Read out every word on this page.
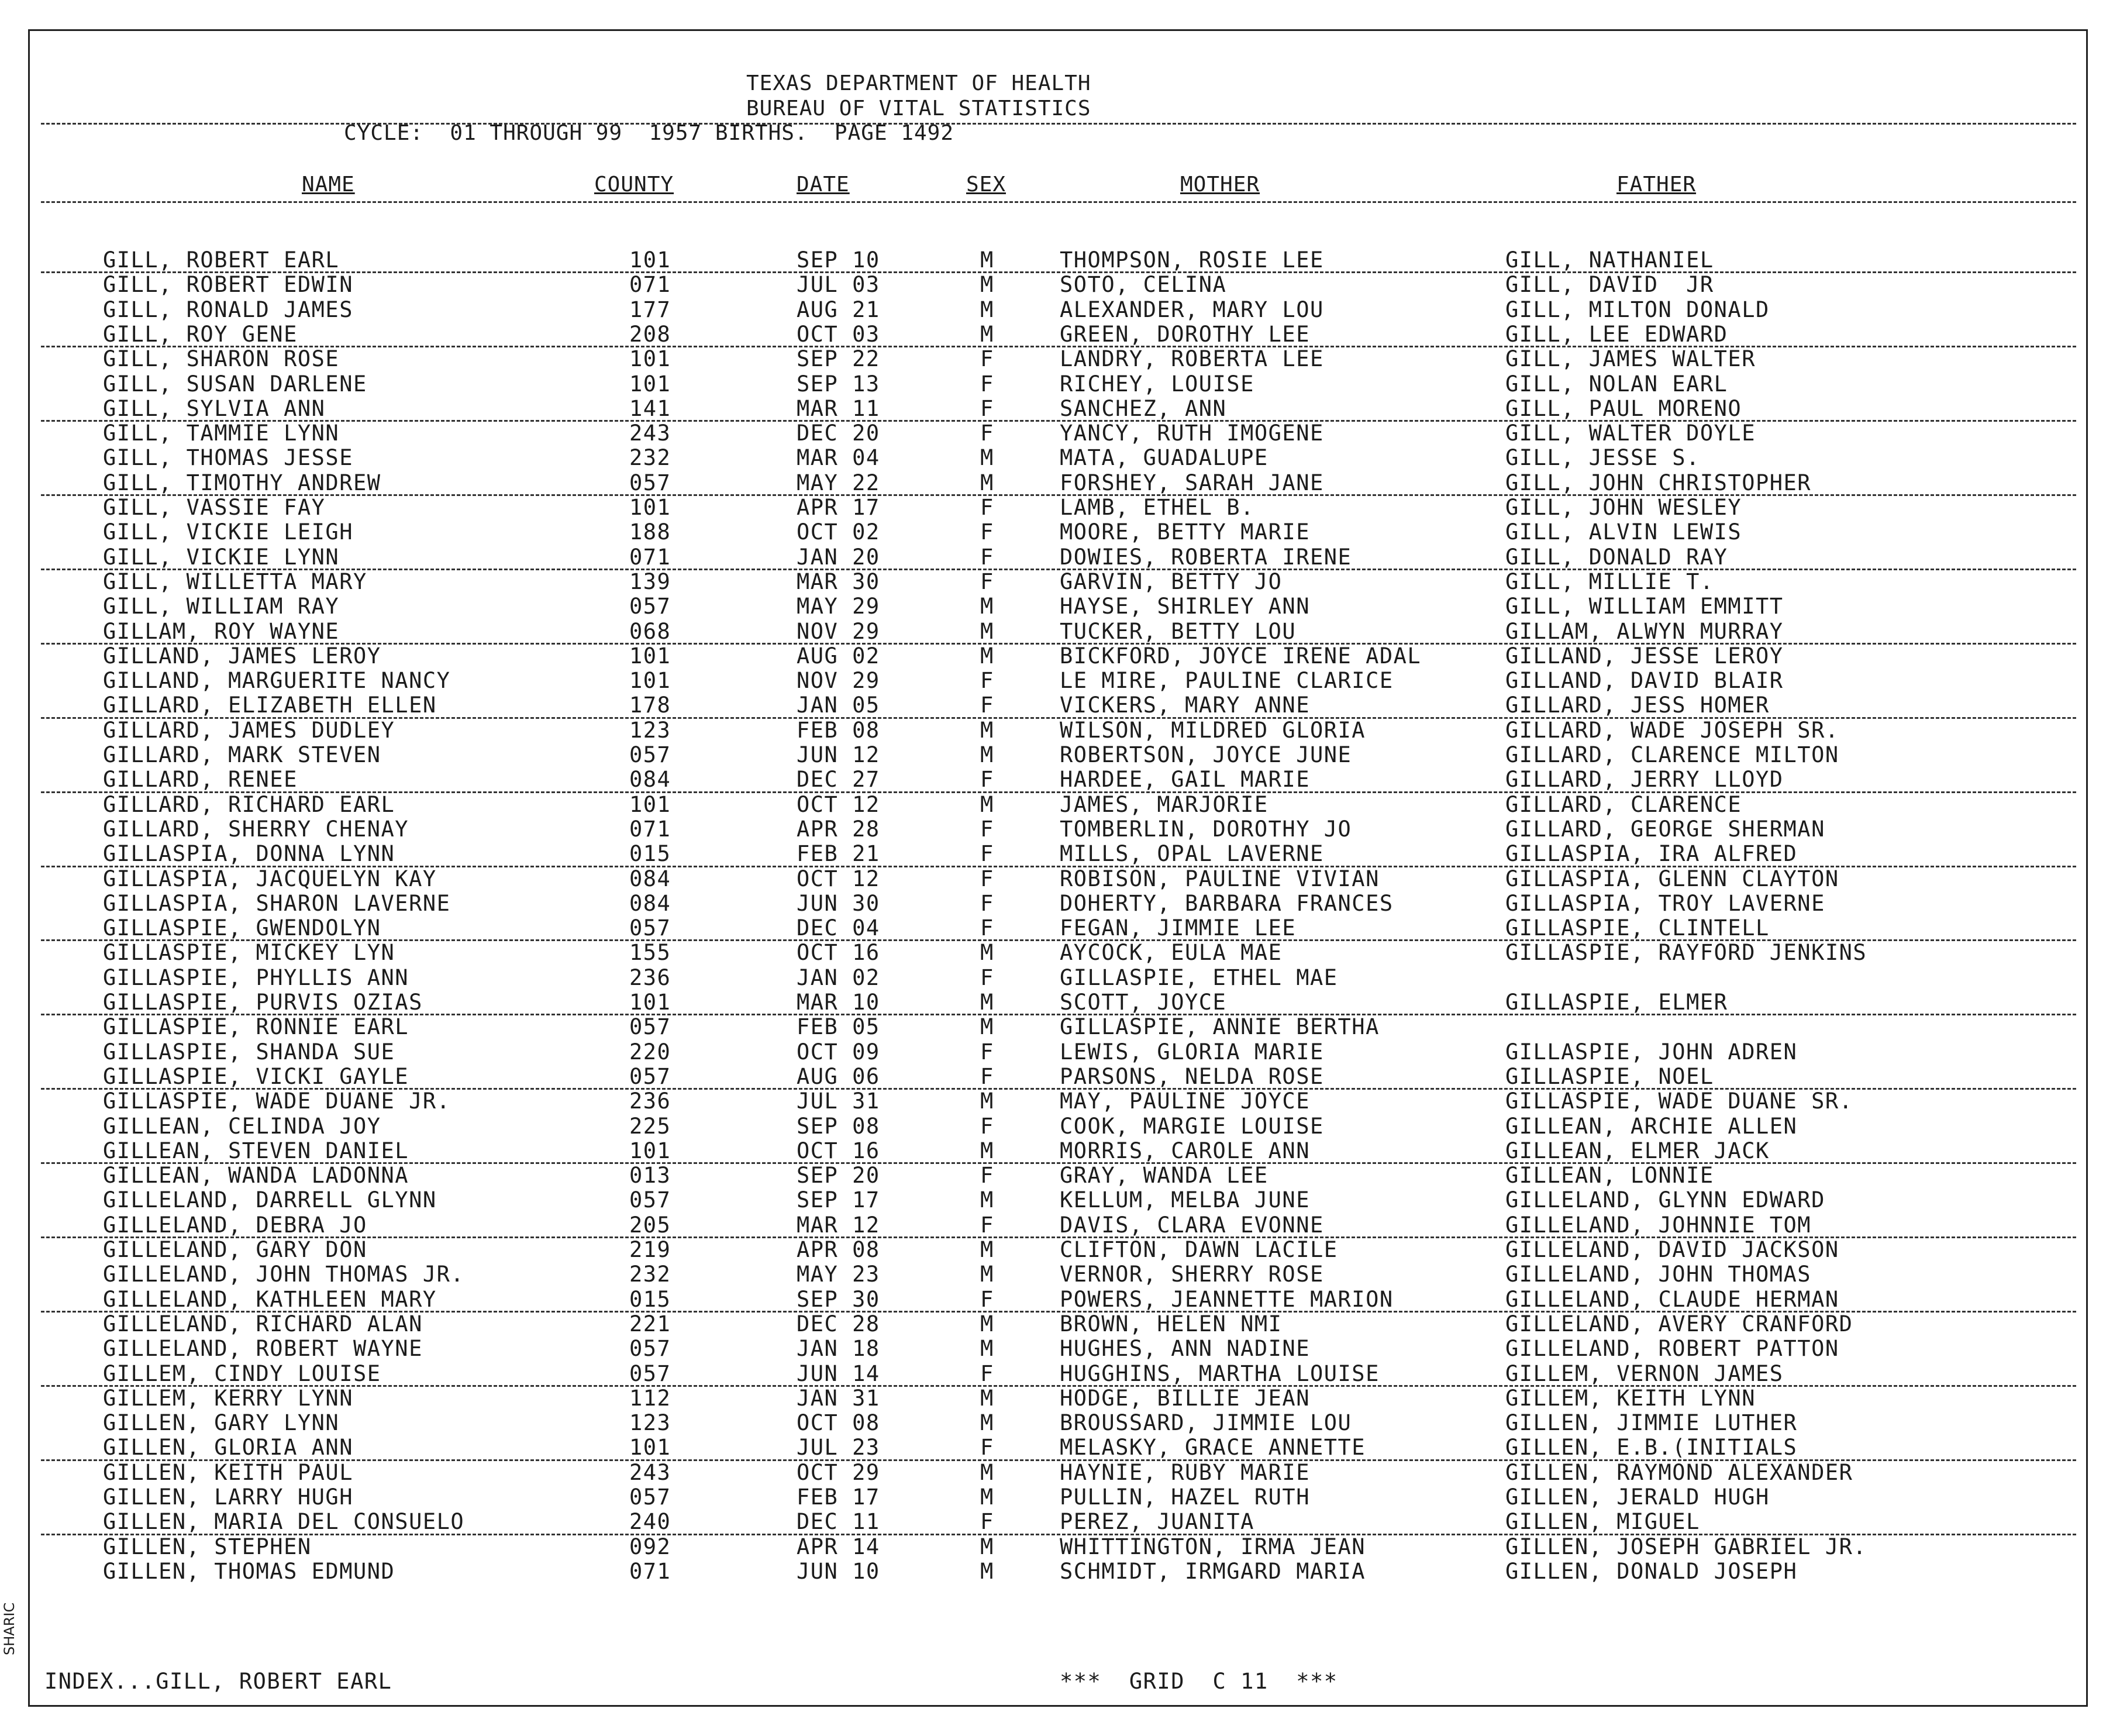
TEXAS DEPARTMENT OF HEALTH
BUREAU OF VITAL STATISTICS
CYCLE:  01 THROUGH 99  1957 BIRTHS.  PAGE 1492
NAME	COUNTY	DATE	SEX	MOTHER	FATHER
GILL, ROBERT EARL	101	SEP 10	M	THOMPSON, ROSIE LEE	GILL, NATHANIEL
GILL, ROBERT EDWIN	071	JUL 03	M	SOTO, CELINA	GILL, DAVID  JR
GILL, RONALD JAMES	177	AUG 21	M	ALEXANDER, MARY LOU	GILL, MILTON DONALD
GILL, ROY GENE	208	OCT 03	M	GREEN, DOROTHY LEE	GILL, LEE EDWARD
GILL, SHARON ROSE	101	SEP 22	F	LANDRY, ROBERTA LEE	GILL, JAMES WALTER
GILL, SUSAN DARLENE	101	SEP 13	F	RICHEY, LOUISE	GILL, NOLAN EARL
GILL, SYLVIA ANN	141	MAR 11	F	SANCHEZ, ANN	GILL, PAUL MORENO
GILL, TAMMIE LYNN	243	DEC 20	F	YANCY, RUTH IMOGENE	GILL, WALTER DOYLE
GILL, THOMAS JESSE	232	MAR 04	M	MATA, GUADALUPE	GILL, JESSE S.
GILL, TIMOTHY ANDREW	057	MAY 22	M	FORSHEY, SARAH JANE	GILL, JOHN CHRISTOPHER
GILL, VASSIE FAY	101	APR 17	F	LAMB, ETHEL B.	GILL, JOHN WESLEY
GILL, VICKIE LEIGH	188	OCT 02	F	MOORE, BETTY MARIE	GILL, ALVIN LEWIS
GILL, VICKIE LYNN	071	JAN 20	F	DOWIES, ROBERTA IRENE	GILL, DONALD RAY
GILL, WILLETTA MARY	139	MAR 30	F	GARVIN, BETTY JO	GILL, MILLIE T.
GILL, WILLIAM RAY	057	MAY 29	M	HAYSE, SHIRLEY ANN	GILL, WILLIAM EMMITT
GILLAM, ROY WAYNE	068	NOV 29	M	TUCKER, BETTY LOU	GILLAM, ALWYN MURRAY
GILLAND, JAMES LEROY	101	AUG 02	M	BICKFORD, JOYCE IRENE ADAL	GILLAND, JESSE LEROY
GILLAND, MARGUERITE NANCY	101	NOV 29	F	LE MIRE, PAULINE CLARICE	GILLAND, DAVID BLAIR
GILLARD, ELIZABETH ELLEN	178	JAN 05	F	VICKERS, MARY ANNE	GILLARD, JESS HOMER
GILLARD, JAMES DUDLEY	123	FEB 08	M	WILSON, MILDRED GLORIA	GILLARD, WADE JOSEPH SR.
GILLARD, MARK STEVEN	057	JUN 12	M	ROBERTSON, JOYCE JUNE	GILLARD, CLARENCE MILTON
GILLARD, RENEE	084	DEC 27	F	HARDEE, GAIL MARIE	GILLARD, JERRY LLOYD
GILLARD, RICHARD EARL	101	OCT 12	M	JAMES, MARJORIE	GILLARD, CLARENCE
GILLARD, SHERRY CHENAY	071	APR 28	F	TOMBERLIN, DOROTHY JO	GILLARD, GEORGE SHERMAN
GILLASPIA, DONNA LYNN	015	FEB 21	F	MILLS, OPAL LAVERNE	GILLASPIA, IRA ALFRED
GILLASPIA, JACQUELYN KAY	084	OCT 12	F	ROBISON, PAULINE VIVIAN	GILLASPIA, GLENN CLAYTON
GILLASPIA, SHARON LAVERNE	084	JUN 30	F	DOHERTY, BARBARA FRANCES	GILLASPIA, TROY LAVERNE
GILLASPIE, GWENDOLYN	057	DEC 04	F	FEGAN, JIMMIE LEE	GILLASPIE, CLINTELL
GILLASPIE, MICKEY LYN	155	OCT 16	M	AYCOCK, EULA MAE	GILLASPIE, RAYFORD JENKINS
GILLASPIE, PHYLLIS ANN	236	JAN 02	F	GILLASPIE, ETHEL MAE
GILLASPIE, PURVIS OZIAS	101	MAR 10	M	SCOTT, JOYCE	GILLASPIE, ELMER
GILLASPIE, RONNIE EARL	057	FEB 05	M	GILLASPIE, ANNIE BERTHA
GILLASPIE, SHANDA SUE	220	OCT 09	F	LEWIS, GLORIA MARIE	GILLASPIE, JOHN ADREN
GILLASPIE, VICKI GAYLE	057	AUG 06	F	PARSONS, NELDA ROSE	GILLASPIE, NOEL
GILLASPIE, WADE DUANE JR.	236	JUL 31	M	MAY, PAULINE JOYCE	GILLASPIE, WADE DUANE SR.
GILLEAN, CELINDA JOY	225	SEP 08	F	COOK, MARGIE LOUISE	GILLEAN, ARCHIE ALLEN
GILLEAN, STEVEN DANIEL	101	OCT 16	M	MORRIS, CAROLE ANN	GILLEAN, ELMER JACK
GILLEAN, WANDA LADONNA	013	SEP 20	F	GRAY, WANDA LEE	GILLEAN, LONNIE
GILLELAND, DARRELL GLYNN	057	SEP 17	M	KELLUM, MELBA JUNE	GILLELAND, GLYNN EDWARD
GILLELAND, DEBRA JO	205	MAR 12	F	DAVIS, CLARA EVONNE	GILLELAND, JOHNNIE TOM
GILLELAND, GARY DON	219	APR 08	M	CLIFTON, DAWN LACILE	GILLELAND, DAVID JACKSON
GILLELAND, JOHN THOMAS JR.	232	MAY 23	M	VERNOR, SHERRY ROSE	GILLELAND, JOHN THOMAS
GILLELAND, KATHLEEN MARY	015	SEP 30	F	POWERS, JEANNETTE MARION	GILLELAND, CLAUDE HERMAN
GILLELAND, RICHARD ALAN	221	DEC 28	M	BROWN, HELEN NMI	GILLELAND, AVERY CRANFORD
GILLELAND, ROBERT WAYNE	057	JAN 18	M	HUGHES, ANN NADINE	GILLELAND, ROBERT PATTON
GILLEM, CINDY LOUISE	057	JUN 14	F	HUGGHINS, MARTHA LOUISE	GILLEM, VERNON JAMES
GILLEM, KERRY LYNN	112	JAN 31	M	HODGE, BILLIE JEAN	GILLEM, KEITH LYNN
GILLEN, GARY LYNN	123	OCT 08	M	BROUSSARD, JIMMIE LOU	GILLEN, JIMMIE LUTHER
GILLEN, GLORIA ANN	101	JUL 23	F	MELASKY, GRACE ANNETTE	GILLEN, E.B.(INITIALS
GILLEN, KEITH PAUL	243	OCT 29	M	HAYNIE, RUBY MARIE	GILLEN, RAYMOND ALEXANDER
GILLEN, LARRY HUGH	057	FEB 17	M	PULLIN, HAZEL RUTH	GILLEN, JERALD HUGH
GILLEN, MARIA DEL CONSUELO	240	DEC 11	F	PEREZ, JUANITA	GILLEN, MIGUEL
GILLEN, STEPHEN	092	APR 14	M	WHITTINGTON, IRMA JEAN	GILLEN, JOSEPH GABRIEL JR.
GILLEN, THOMAS EDMUND	071	JUN 10	M	SCHMIDT, IRMGARD MARIA	GILLEN, DONALD JOSEPH
INDEX...GILL, ROBERT EARL	***  GRID  C 11  ***
SHARIC
